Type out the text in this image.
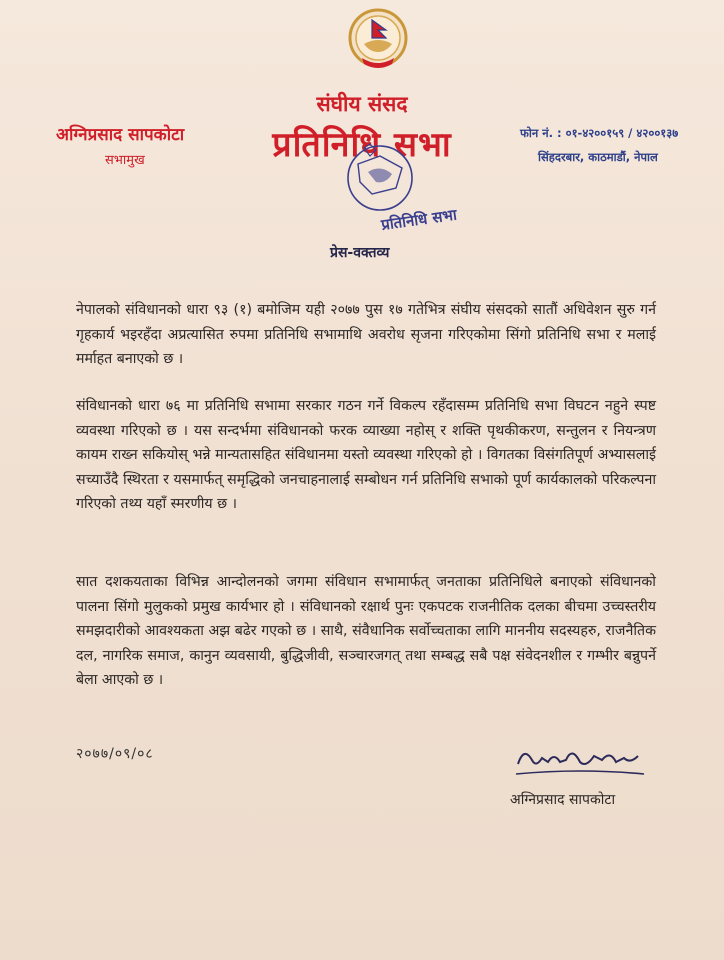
संघीय संसद
प्रतिनिधि सभा
अग्निप्रसाद सापकोटा
सभामुख
फोन नं. : ०१-४२००१५९ / ४२००१३७
सिंहदरबार, काठमाडौं, नेपाल
प्रतिनिधि सभा
प्रेस-वक्तव्य
नेपालको संविधानको धारा ९३ (१) बमोजिम यही २०७७ पुस १७ गतेभित्र संघीय संसदको सातौं अधिवेशन सुरु गर्न गृहकार्य भइरहँदा अप्रत्यासित रुपमा प्रतिनिधि सभामाथि अवरोध सृजना गरिएकोमा सिंगो प्रतिनिधि सभा र मलाई मर्माहत बनाएको छ ।
संविधानको धारा ७६ मा प्रतिनिधि सभामा सरकार गठन गर्ने विकल्प रहँदासम्म प्रतिनिधि सभा विघटन नहुने स्पष्ट व्यवस्था गरिएको छ । यस सन्दर्भमा संविधानको फरक व्याख्या नहोस् र शक्ति पृथकीकरण, सन्तुलन र नियन्त्रण कायम राख्न सकियोस् भन्ने मान्यतासहित संविधानमा यस्तो व्यवस्था गरिएको हो । विगतका विसंगतिपूर्ण अभ्यासलाई सच्याउँदै स्थिरता र यसमार्फत् समृद्धिको जनचाहनालाई सम्बोधन गर्न प्रतिनिधि सभाको पूर्ण कार्यकालको परिकल्पना गरिएको तथ्य यहाँ स्मरणीय छ ।
सात दशकयताका विभिन्न आन्दोलनको जगमा संविधान सभामार्फत् जनताका प्रतिनिधिले बनाएको संविधानको पालना सिंगो मुलुकको प्रमुख कार्यभार हो । संविधानको रक्षार्थ पुनः एकपटक राजनीतिक दलका बीचमा उच्चस्तरीय समझदारीको आवश्यकता अझ बढेर गएको छ । साथै, संवैधानिक सर्वोच्चताका लागि माननीय सदस्यहरु, राजनैतिक दल, नागरिक समाज, कानुन व्यवसायी, बुद्धिजीवी, सञ्चारजगत् तथा सम्बद्ध सबै पक्ष संवेदनशील र गम्भीर बन्नुपर्ने बेला आएको छ ।
२०७७/०९/०८
अग्निप्रसाद सापकोटा
